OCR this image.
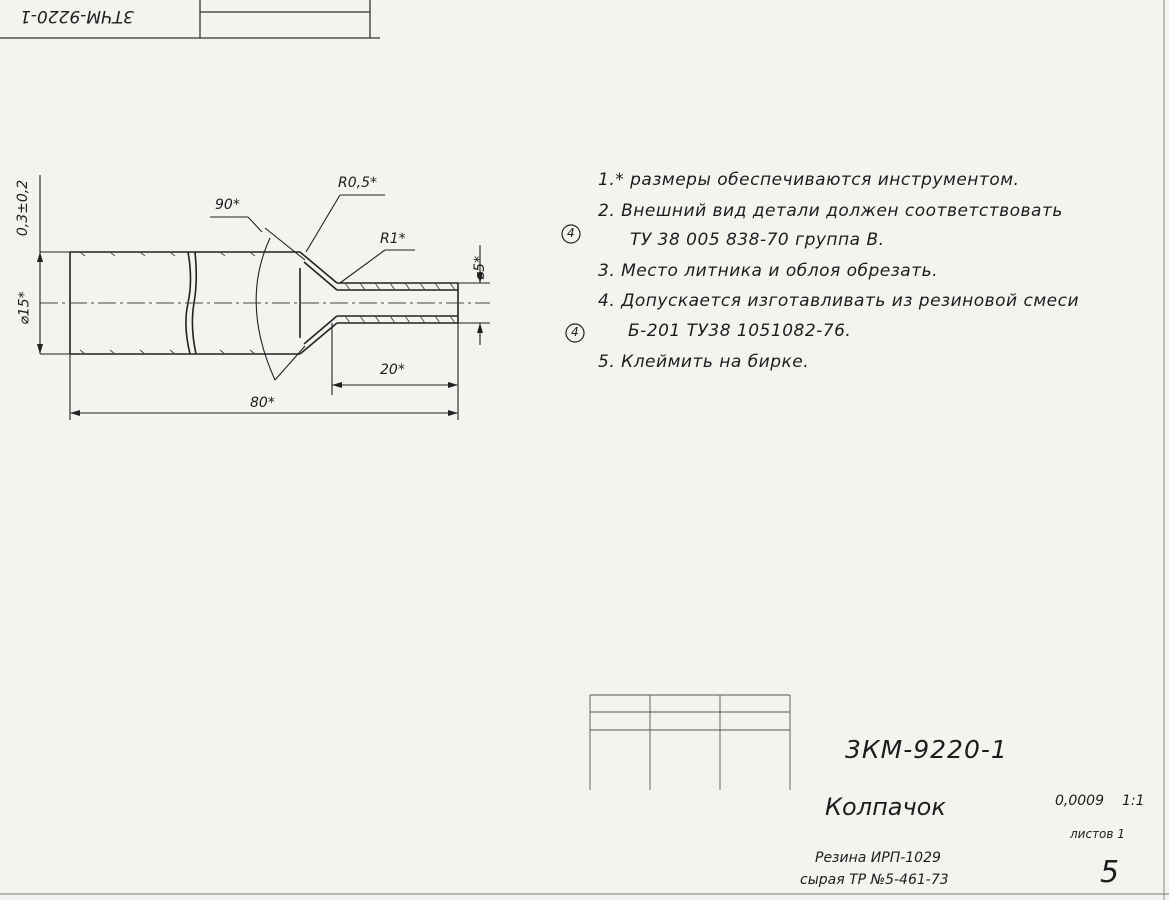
3ТЧМ-9220-1
90*
R0,5*
R1*
0,3±0,2
⌀15*
⌀5*
20*
80*
1.* размеры обеспечиваются инструментом.
2. Внешний вид детали должен соответствовать
ТУ 38 005 838-70 группа В.
3. Место литника и облоя обрезать.
4. Допускается изготавливать из резиновой смеси
Б-201 ТУ38 1051082-76.
5. Клеймить на бирке.
4
4
3КМ-9220-1
Колпачок
Резина ИРП-1029
сырая ТР №5-461-73
0,0009 1:1
листов 1
5
